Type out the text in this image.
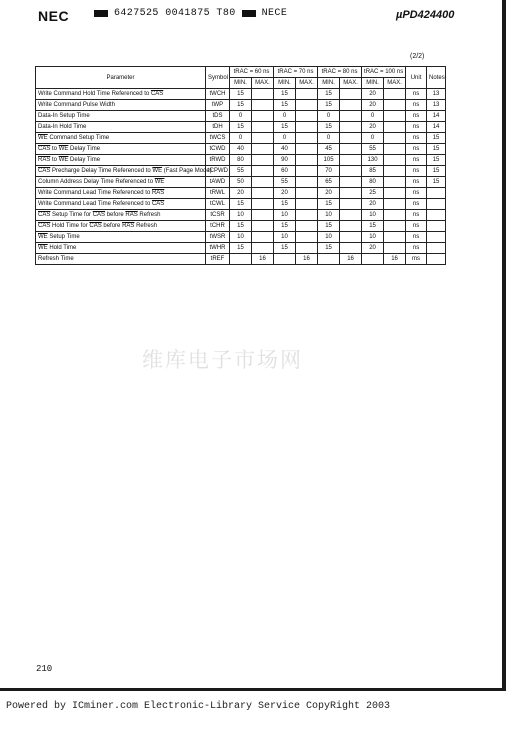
NEC	6427525 0041875 T80	NECE	µPD424400
(2/2)
Parameter	Symbol	tRAC = 60 ns		tRAC = 70 ns		tRAC = 80 ns		tRAC = 100 ns		Unit	Notes
		MIN.	MAX.	MIN.	MAX.	MIN.	MAX.	MIN.	MAX.		
Write Command Hold Time Referenced to $\overline{CAS}$	tWCH	15		15		15		20		ns	13
Write Command Pulse Width	tWP	15		15		15		20		ns	13
Data-In Setup Time	tDS	0		0		0		0		ns	14
Data-In Hold Time	tDH	15		15		15		20		ns	14
$\overline{WE}$ Command Setup Time	tWCS	0		0		0		0		ns	15
$\overline{CAS}$ to $\overline{WE}$ Delay Time	tCWD	40		40		45		55		ns	15
$\overline{RAS}$ to $\overline{WE}$ Delay Time	tRWD	80		90		105		130		ns	15
$\overline{CAS}$ Precharge Delay Time Referenced to $\overline{WE}$ (Fast Page Mode)	tCPWD	55		60		70		85		ns	15
Column Address Delay Time Referenced to $\overline{WE}$	tAWD	50		55		65		80		ns	15
Write Command Lead Time Referenced to $\overline{RAS}$	tRWL	20		20		20		25		ns	
Write Command Lead Time Referenced to $\overline{CAS}$	tCWL	15		15		15		20		ns	
$\overline{CAS}$ Setup Time for $\overline{CAS}$ before $\overline{RAS}$ Refresh	tCSR	10		10		10		10		ns	
$\overline{CAS}$ Hold Time for $\overline{CAS}$ before $\overline{RAS}$ Refresh	tCHR	15		15		15		15		ns	
$\overline{WE}$ Setup Time	tWSR	10		10		10		10		ns	
$\overline{WE}$ Hold Time	tWHR	15		15		15		20		ns	
Refresh Time	tREF		16		16		16		16	ms	
维库电子市场网
210
Powered by ICminer.com Electronic-Library Service CopyRight 2003
